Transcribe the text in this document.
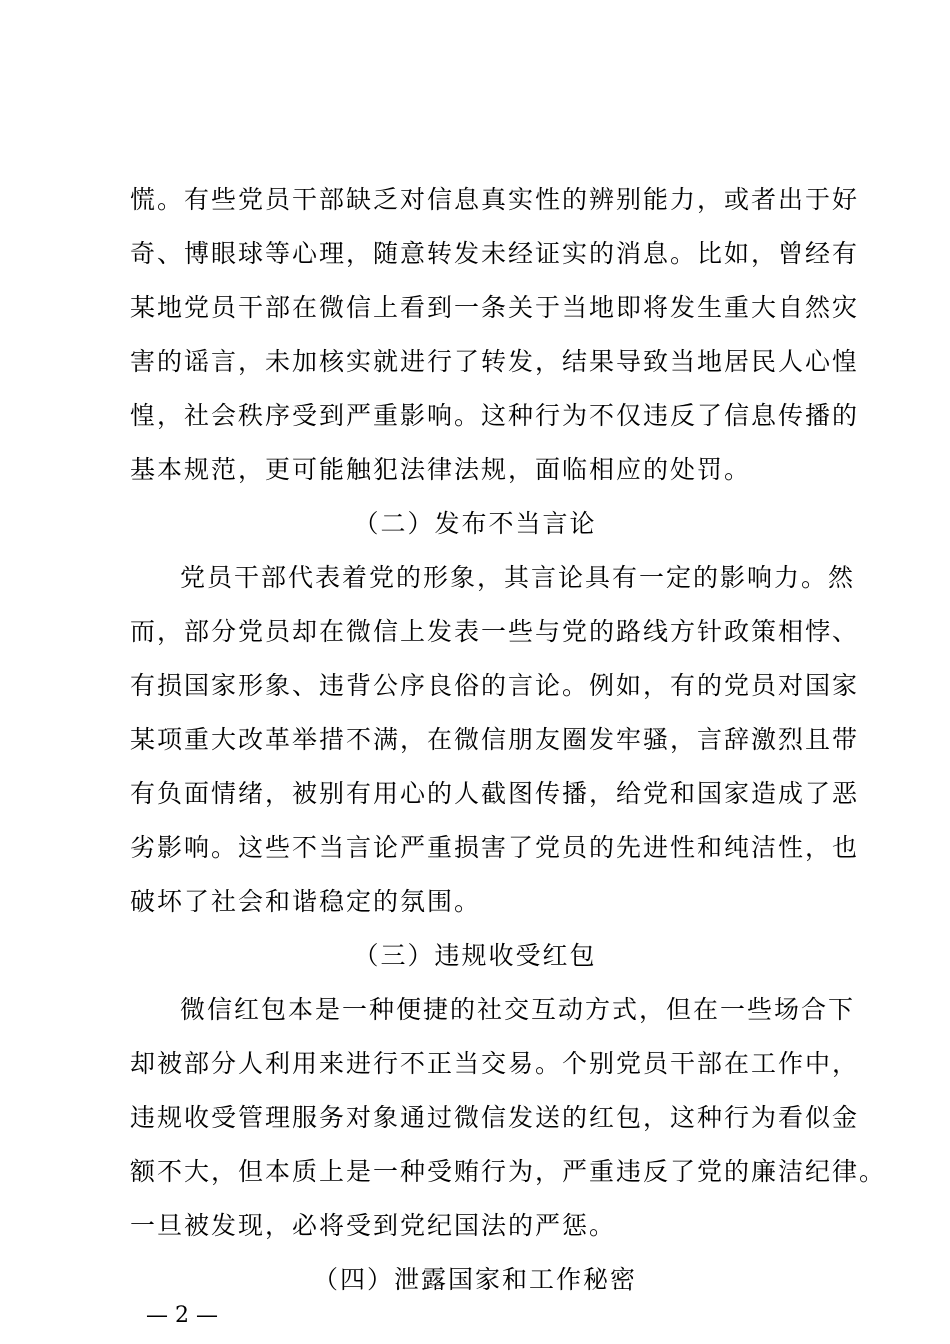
慌。有些党员干部缺乏对信息真实性的辨别能力，或者出于好
奇、博眼球等心理，随意转发未经证实的消息。比如，曾经有
某地党员干部在微信上看到一条关于当地即将发生重大自然灾
害的谣言，未加核实就进行了转发，结果导致当地居民人心惶
惶，社会秩序受到严重影响。这种行为不仅违反了信息传播的
基本规范，更可能触犯法律法规，面临相应的处罚。
（二）发布不当言论
党员干部代表着党的形象，其言论具有一定的影响力。然
而，部分党员却在微信上发表一些与党的路线方针政策相悖、
有损国家形象、违背公序良俗的言论。例如，有的党员对国家
某项重大改革举措不满，在微信朋友圈发牢骚，言辞激烈且带
有负面情绪，被别有用心的人截图传播，给党和国家造成了恶
劣影响。这些不当言论严重损害了党员的先进性和纯洁性，也
破坏了社会和谐稳定的氛围。
（三）违规收受红包
微信红包本是一种便捷的社交互动方式，但在一些场合下
却被部分人利用来进行不正当交易。个别党员干部在工作中，
违规收受管理服务对象通过微信发送的红包，这种行为看似金
额不大，但本质上是一种受贿行为，严重违反了党的廉洁纪律。
一旦被发现，必将受到党纪国法的严惩。
（四）泄露国家和工作秘密
— 2 —
